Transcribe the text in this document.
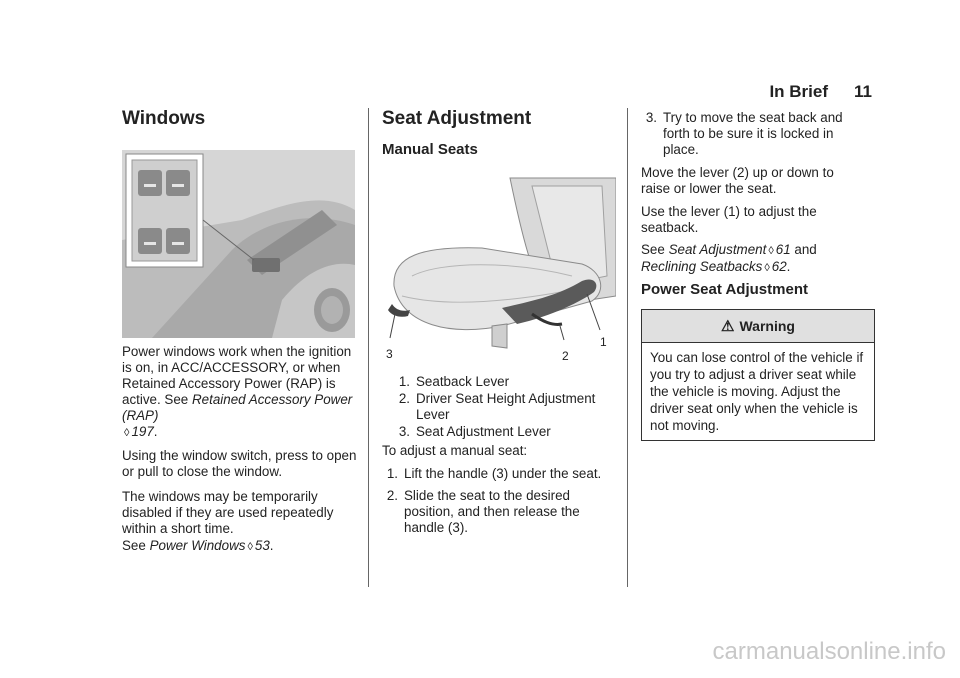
In Brief 11
Windows

Power windows work when the ignition is on, in ACC/ACCESSORY, or when Retained Accessory Power (RAP) is active. See Retained Accessory Power (RAP)
◊ 197.

Using the window switch, press to open or pull to close the window.

The windows may be temporarily disabled if they are used repeatedly within a short time.

See Power Windows ◊ 53.

Seat Adjustment
Manual Seats
3	2
1
1. Seatback Lever
2. Driver Seat Height Adjustment Lever
3. Seat Adjustment Lever

To adjust a manual seat:

1. Lift the handle (3) under the seat.
2. Slide the seat to the desired position, and then release the handle (3).
3. Try to move the seat back and forth to be sure it is locked in place.

Move the lever (2) up or down to raise or lower the seat.

Use the lever (1) to adjust the seatback.

See Seat Adjustment ◊ 61 and
Reclining Seatbacks ◊ 62.

Power Seat Adjustment
⚠ Warning
You can lose control of the vehicle if you try to adjust a driver seat while the vehicle is moving. Adjust the driver seat only when the vehicle is not moving.
carmanualsonline.info
